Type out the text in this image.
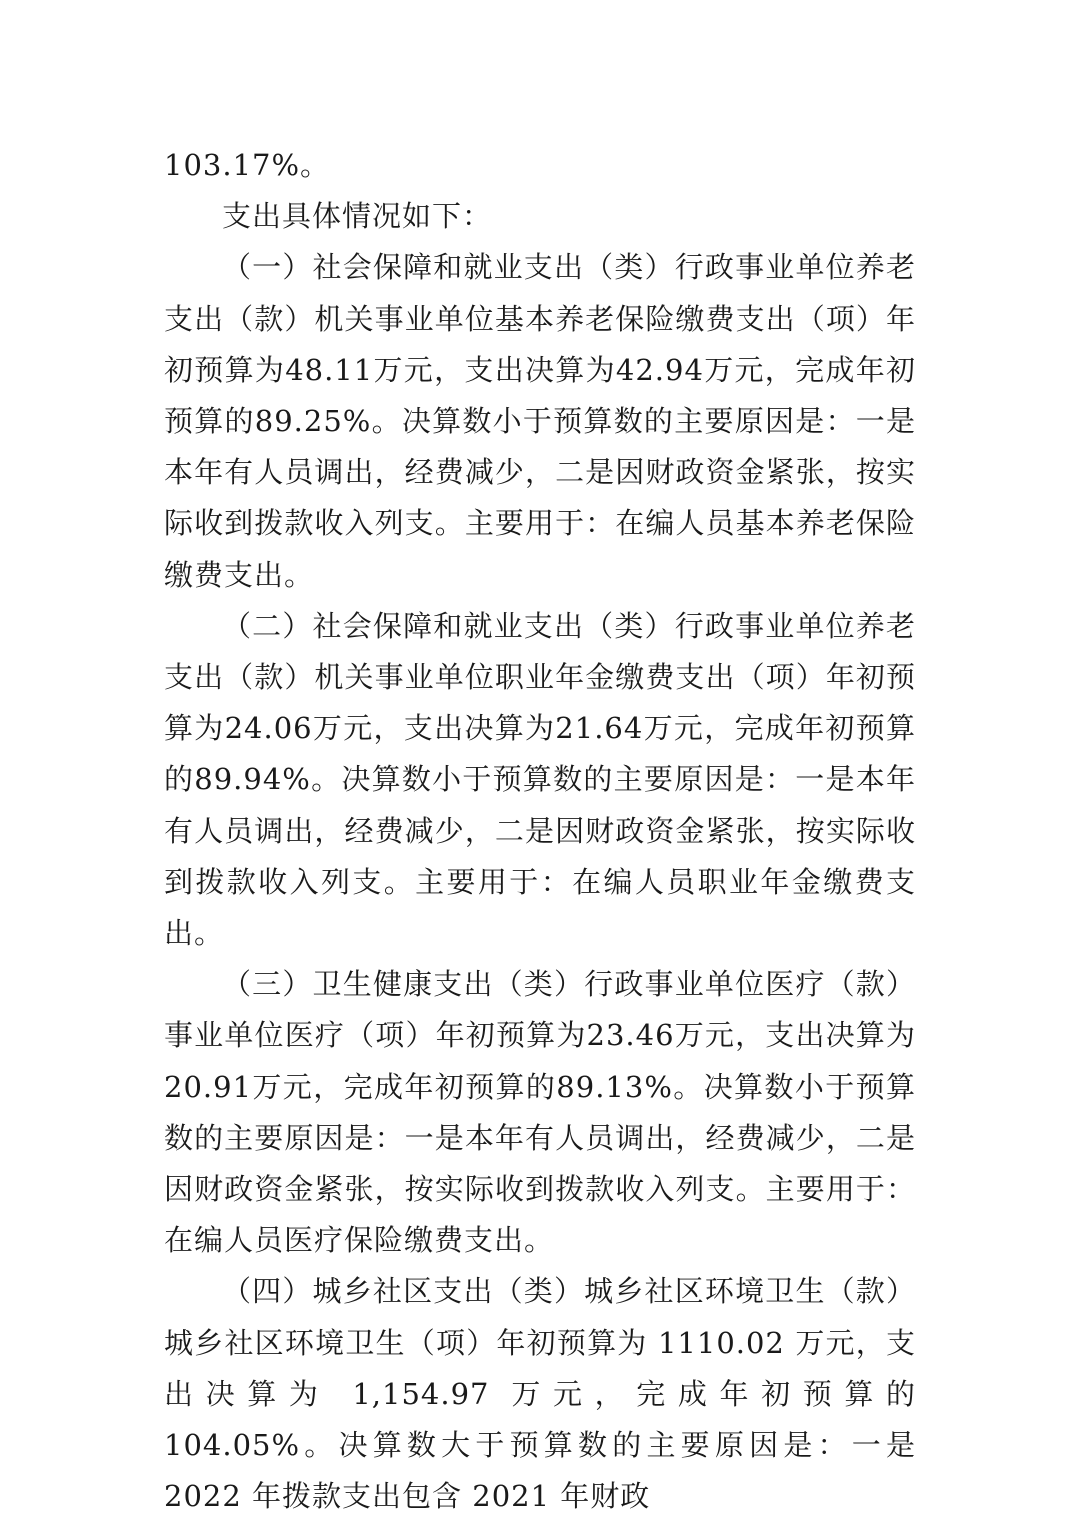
103.17%。

支出具体情况如下：

（一）社会保障和就业支出（类）行政事业单位养老支出（款）机关事业单位基本养老保险缴费支出（项）年初预算为48.11万元，支出决算为42.94万元，完成年初预算的89.25%。决算数小于预算数的主要原因是：一是本年有人员调出，经费减少，二是因财政资金紧张，按实际收到拨款收入列支。主要用于：在编人员基本养老保险缴费支出。

（二）社会保障和就业支出（类）行政事业单位养老支出（款）机关事业单位职业年金缴费支出（项）年初预算为24.06万元，支出决算为21.64万元，完成年初预算的89.94%。决算数小于预算数的主要原因是：一是本年有人员调出，经费减少，二是因财政资金紧张，按实际收到拨款收入列支。主要用于：在编人员职业年金缴费支出。

（三）卫生健康支出（类）行政事业单位医疗（款）事业单位医疗（项）年初预算为23.46万元，支出决算为20.91万元，完成年初预算的89.13%。决算数小于预算数的主要原因是：一是本年有人员调出，经费减少，二是因财政资金紧张，按实际收到拨款收入列支。主要用于：在编人员医疗保险缴费支出。

（四）城乡社区支出（类）城乡社区环境卫生（款）城乡社区环境卫生（项）年初预算为 1110.02 万元，支出决算为 1,154.97 万元，完成年初预算的 104.05%。决算数大于预算数的主要原因是：一是 2022 年拨款支出包含 2021 年财政
